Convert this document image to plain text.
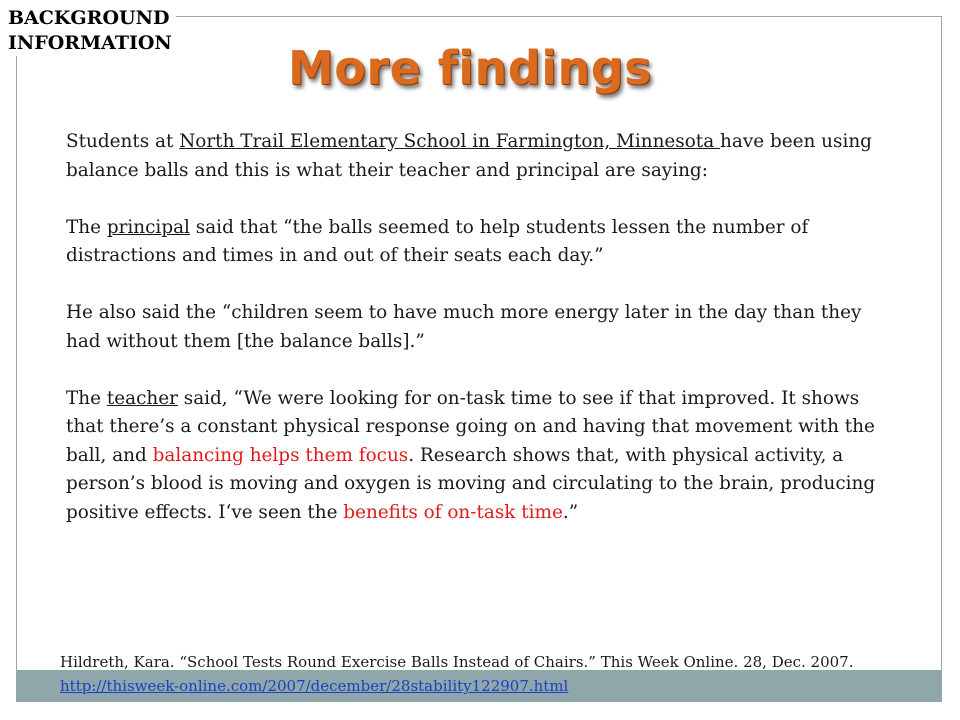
BACKGROUND
INFORMATION	More findings

Students at North Trail Elementary School in Farmington, Minnesota have been using balance balls and this is what their teacher and principal are saying:

The principal said that “the balls seemed to help students lessen the number of distractions and times in and out of their seats each day.”

He also said the “children seem to have much more energy later in the day than they had without them [the balance balls].”

The teacher said, “We were looking for on-task time to see if that improved. It shows that there’s a constant physical response going on and having that movement with the ball, and balancing helps them focus. Research shows that, with physical activity, a person’s blood is moving and oxygen is moving and circulating to the brain, producing positive effects. I‘ve seen the benefits of on-task time.”

Hildreth, Kara. “School Tests Round Exercise Balls Instead of Chairs.” This Week Online. 28, Dec. 2007.
http://thisweek-online.com/2007/december/28stability122907.html
